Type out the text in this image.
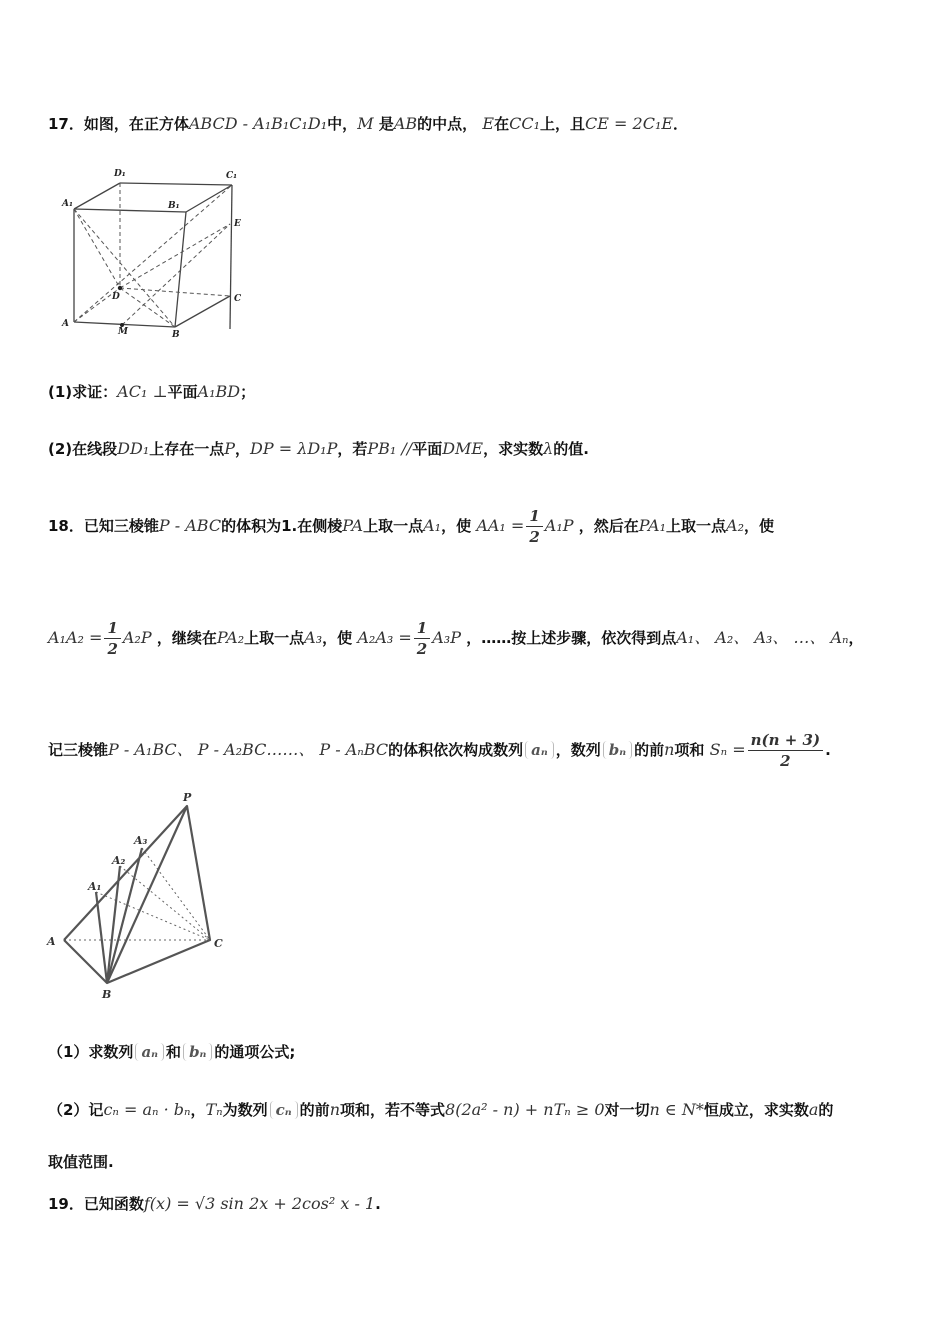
17．如图，在正方体ABCD - A₁B₁C₁D₁中，M 是AB的中点， E在CC₁上，且CE = 2C₁E．
D₁	C₁
A₁	B₁
E
D	C
A
M	B
(1)求证：AC₁ ⊥平面A₁BD；
(2)在线段DD₁上存在一点P，DP = λD₁P，若PB₁ //平面DME，求实数λ的值.
18．已知三棱锥P - ABC的体积为1.在侧棱PA上取一点A₁，使 $AA_1 = \frac{1}{2} A_1P$ ，然后在PA₁上取一点A₂，使
$A_1A_2 = \frac{1}{2} A_2P$ ，继续在PA₂上取一点A₃，使 $A_2A_3 = \frac{1}{2} A_3P$ ，……按上述步骤，依次得到点A₁、 A₂、 A₃、 …、 Aₙ，
记三棱锥P - A₁BC、 P - A₂BC……、 P - AₙBC的体积依次构成数列 aₙ ，数列 bₙ 的前n项和 $S_n = \frac{n(n + 3)}{2}$ .
P
A₃
A₂
A₁
A	C
B
（1）求数列 aₙ 和 bₙ 的通项公式;
（2）记cₙ = aₙ · bₙ，Tₙ为数列 cₙ 的前n项和，若不等式8(2a² - n) + nTₙ ≥ 0对一切n ∈ N*恒成立，求实数a的
取值范围.
19．已知函数f(x) = √3 sin 2x + 2cos² x - 1.
